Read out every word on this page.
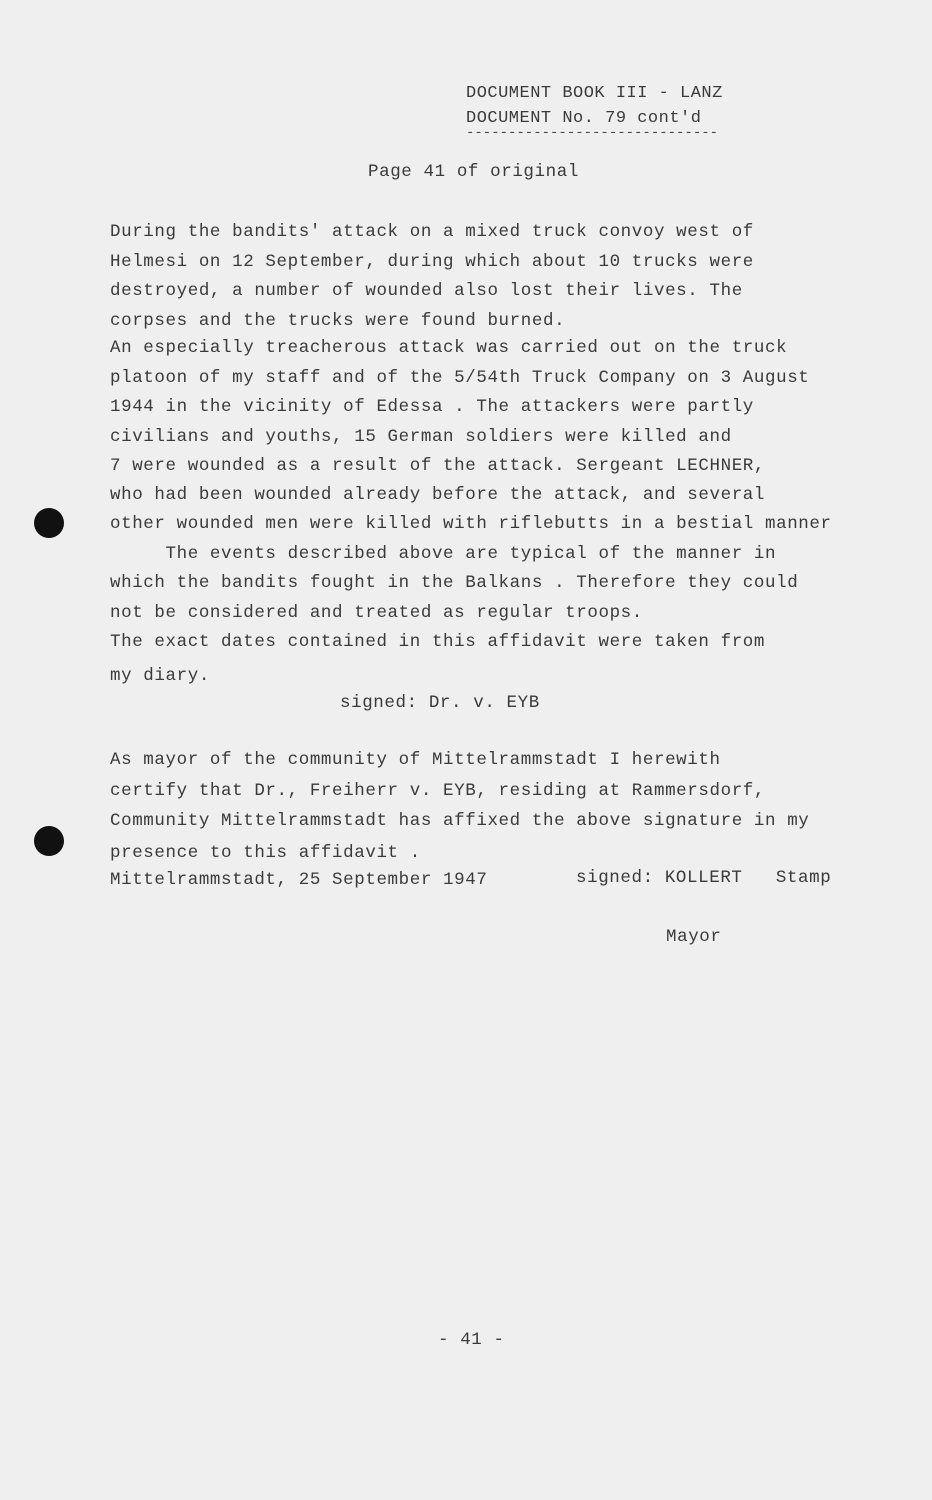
DOCUMENT BOOK III - LANZ
DOCUMENT No. 79 cont'd
------------------------------
Page 41 of original
During the bandits' attack on a mixed truck convoy west of
Helmesi on 12 September, during which about 10 trucks were
destroyed, a number of wounded also lost their lives. The
corpses and the trucks were found burned.
An especially treacherous attack was carried out on the truck
platoon of my staff and of the 5/54th Truck Company on 3 August
1944 in the vicinity of Edessa . The attackers were partly
civilians and youths, 15 German soldiers were killed and
7 were wounded as a result of the attack. Sergeant LECHNER,
who had been wounded already before the attack, and several
other wounded men were killed with riflebutts in a bestial manner
The events described above are typical of the manner in
which the bandits fought in the Balkans . Therefore they could
not be considered and treated as regular troops.
The exact dates contained in this affidavit were taken from
my diary.
signed: Dr. v. EYB
As mayor of the community of Mittelrammstadt I herewith
certify that Dr., Freiherr v. EYB, residing at Rammersdorf,
Community Mittelrammstadt has affixed the above signature in my
presence to this affidavit .
Mittelrammstadt, 25 September 1947	signed: KOLLERT   Stamp
Mayor
- 41 -
